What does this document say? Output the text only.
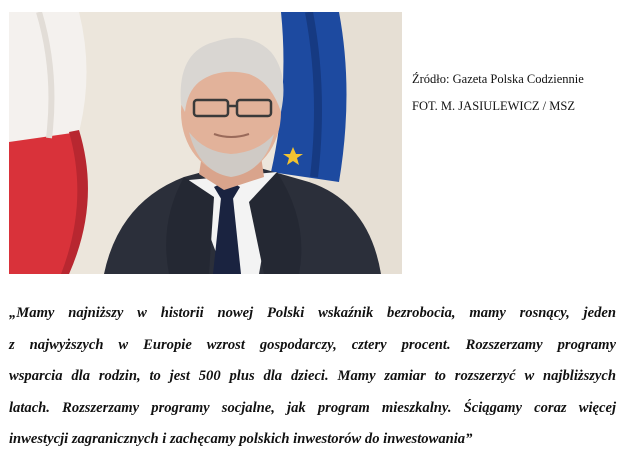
Źródło: Gazeta Polska Codziennie
FOT. M. JASIULEWICZ / MSZ
„Mamy najniższy w historii nowej Polski wskaźnik bezrobocia, mamy rosnący, jeden
z najwyższych w Europie wzrost gospodarczy, cztery procent. Rozszerzamy programy
wsparcia dla rodzin, to jest 500 plus dla dzieci. Mamy zamiar to rozszerzyć w najbliższych
latach. Rozszerzamy programy socjalne, jak program mieszkalny. Ściągamy coraz więcej
inwestycji zagranicznych i zachęcamy polskich inwestorów do inwestowania”
